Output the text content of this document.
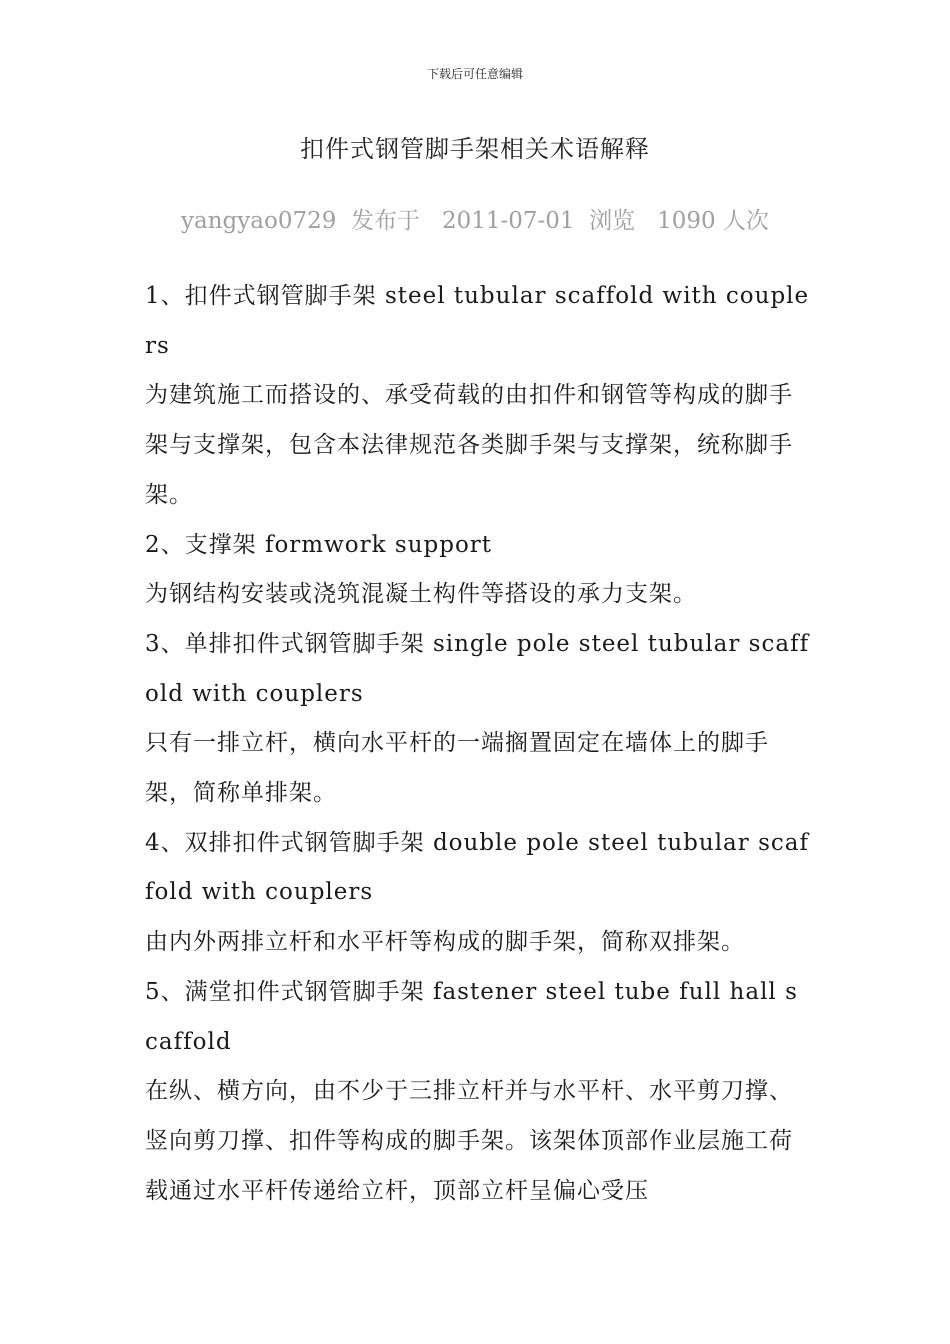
下载后可任意编辑
扣件式钢管脚手架相关术语解释
yangyao0729 发布于 2011-07-01 浏览 1090 人次

1、扣件式钢管脚手架 steel tubular scaffold with couplers

为建筑施工而搭设的、承受荷载的由扣件和钢管等构成的脚手架与支撑架，包含本法律规范各类脚手架与支撑架，统称脚手架。

2、支撑架 formwork support

为钢结构安装或浇筑混凝土构件等搭设的承力支架。

3、单排扣件式钢管脚手架 single pole steel tubular scaffold with couplers

只有一排立杆，横向水平杆的一端搁置固定在墙体上的脚手架，简称单排架。

4、双排扣件式钢管脚手架 double pole steel tubular scaffold with couplers

由内外两排立杆和水平杆等构成的脚手架，简称双排架。

5、满堂扣件式钢管脚手架 fastener steel tube full hall scaffold

在纵、横方向，由不少于三排立杆并与水平杆、水平剪刀撑、竖向剪刀撑、扣件等构成的脚手架。该架体顶部作业层施工荷载通过水平杆传递给立杆，顶部立杆呈偏心受压
